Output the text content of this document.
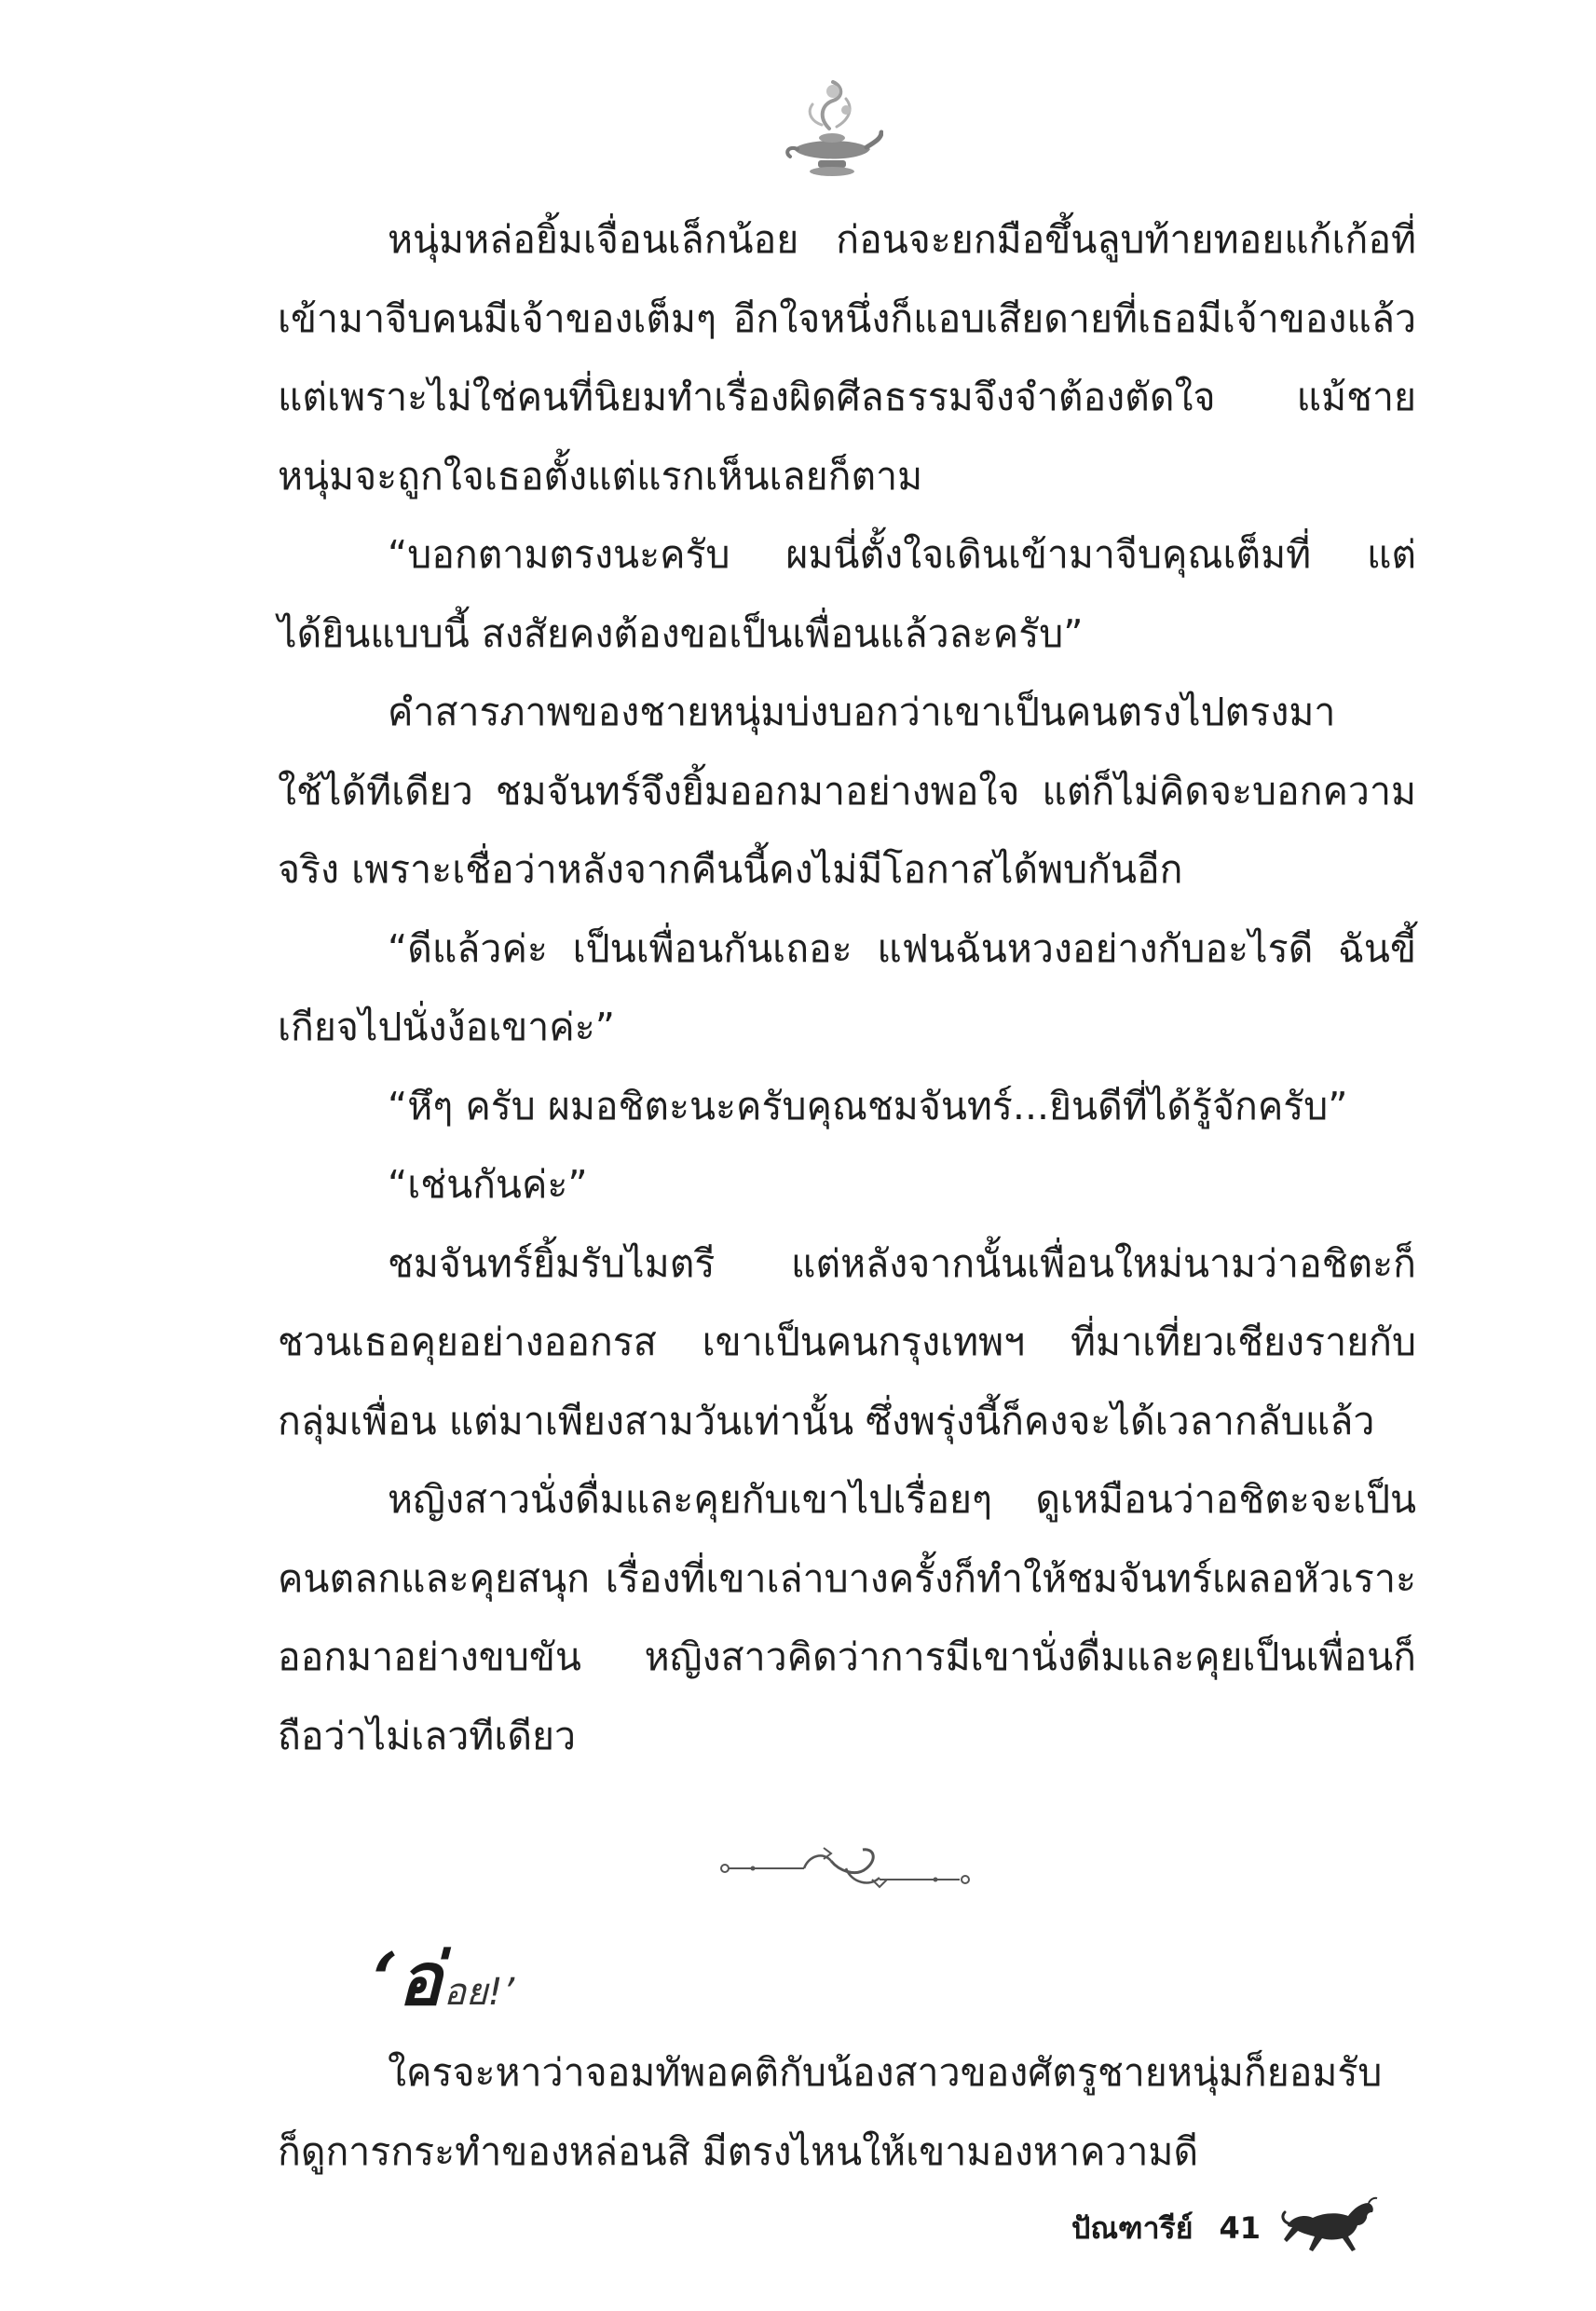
หนุ่มหล่อยิ้มเจื่อนเล็กน้อย ก่อนจะยกมือขึ้นลูบท้ายทอยแก้เก้อที่เข้ามาจีบคนมีเจ้าของเต็มๆ อีกใจหนึ่งก็แอบเสียดายที่เธอมีเจ้าของแล้ว แต่เพราะไม่ใช่คนที่นิยมทำเรื่องผิดศีลธรรมจึงจำต้องตัดใจ แม้ชายหนุ่มจะถูกใจเธอตั้งแต่แรกเห็นเลยก็ตาม

“บอกตามตรงนะครับ ผมนี่ตั้งใจเดินเข้ามาจีบคุณเต็มที่ แต่ได้ยินแบบนี้ สงสัยคงต้องขอเป็นเพื่อนแล้วละครับ”

คำสารภาพของชายหนุ่มบ่งบอกว่าเขาเป็นคนตรงไปตรงมาใช้ได้ทีเดียว ชมจันทร์จึงยิ้มออกมาอย่างพอใจ แต่ก็ไม่คิดจะบอกความจริง เพราะเชื่อว่าหลังจากคืนนี้คงไม่มีโอกาสได้พบกันอีก

“ดีแล้วค่ะ เป็นเพื่อนกันเถอะ แฟนฉันหวงอย่างกับอะไรดี ฉันขี้เกียจไปนั่งง้อเขาค่ะ”

“หึๆ ครับ ผมอชิตะนะครับคุณชมจันทร์...ยินดีที่ได้รู้จักครับ”

“เช่นกันค่ะ”

ชมจันทร์ยิ้มรับไมตรี แต่หลังจากนั้นเพื่อนใหม่นามว่าอชิตะก็ชวนเธอคุยอย่างออกรส เขาเป็นคนกรุงเทพฯ ที่มาเที่ยวเชียงรายกับกลุ่มเพื่อน แต่มาเพียงสามวันเท่านั้น ซึ่งพรุ่งนี้ก็คงจะได้เวลากลับแล้ว

หญิงสาวนั่งดื่มและคุยกับเขาไปเรื่อยๆ ดูเหมือนว่าอชิตะจะเป็นคนตลกและคุยสนุก เรื่องที่เขาเล่าบางครั้งก็ทำให้ชมจันทร์เผลอหัวเราะออกมาอย่างขบขัน หญิงสาวคิดว่าการมีเขานั่งดื่มและคุยเป็นเพื่อนก็ถือว่าไม่เลวทีเดียว

‘อ่ อย!’

ใครจะหาว่าจอมทัพอคติกับน้องสาวของศัตรูชายหนุ่มก็ยอมรับ ก็ดูการกระทำของหล่อนสิ มีตรงไหนให้เขามองหาความดี

ปัณฑารีย์ 41
